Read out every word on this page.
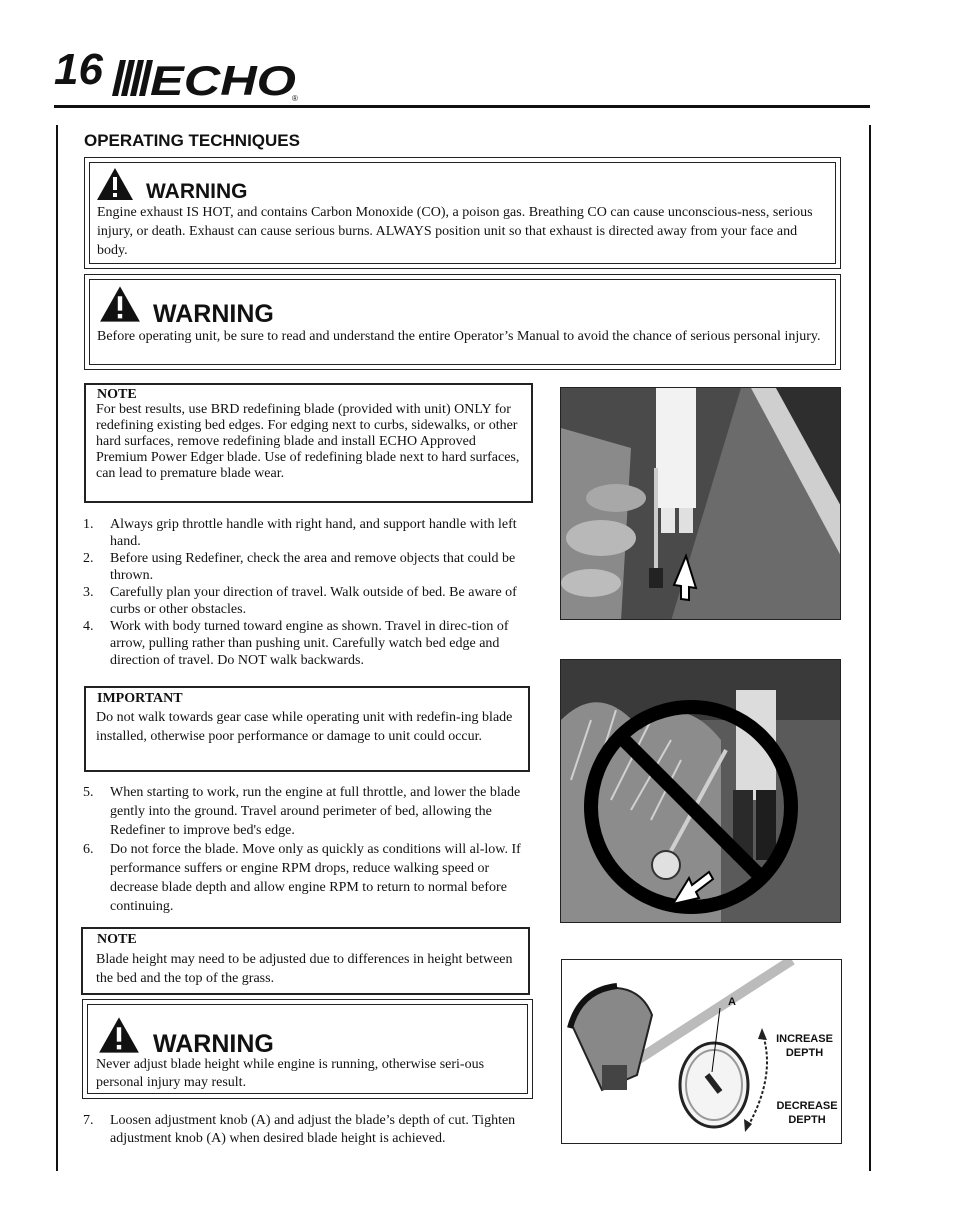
16 ECHO
®
OPERATING TECHNIQUES
WARNING
Engine exhaust IS HOT, and contains Carbon Monoxide (CO), a poison gas. Breathing CO can cause unconscious-ness, serious injury, or death. Exhaust can cause serious burns. ALWAYS position unit so that exhaust is directed away from your face and body.
WARNING
Before operating unit, be sure to read and understand the entire Operator’s Manual to avoid the chance of serious personal injury.
NOTE
For best results, use BRD redefining blade (provided with unit) ONLY for redefining existing bed edges. For edging next to curbs, sidewalks, or other hard surfaces, remove redefining blade and install ECHO Approved Premium Power Edger blade. Use of redefining blade next to hard surfaces, can lead to premature blade wear.
1. Always grip throttle handle with right hand, and support handle with left hand.
2. Before using Redefiner, check the area and remove objects that could be thrown.
3. Carefully plan your direction of travel. Walk outside of bed. Be aware of curbs or other obstacles.
4. Work with body turned toward engine as shown. Travel in direc-tion of arrow, pulling rather than pushing unit. Carefully watch bed edge and direction of travel. Do NOT walk backwards.
IMPORTANT
Do not walk towards gear case while operating unit with redefin-ing blade installed, otherwise poor performance or damage to unit could occur.
5. When starting to work, run the engine at full throttle, and lower the blade gently into the ground. Travel around perimeter of bed, allowing the Redefiner to improve bed's edge.
6. Do not force the blade. Move only as quickly as conditions will al-low. If performance suffers or engine RPM drops, reduce walking speed or decrease blade depth and allow engine RPM to return to normal before continuing.
NOTE
Blade height may need to be adjusted due to differences in height between the bed and the top of the grass.
WARNING
Never adjust blade height while engine is running, otherwise seri-ous personal injury may result.
7. Loosen adjustment knob (A) and adjust the blade’s depth of cut. Tighten adjustment knob (A) when desired blade height is achieved.
A
INCREASE DEPTH
DECREASE DEPTH
